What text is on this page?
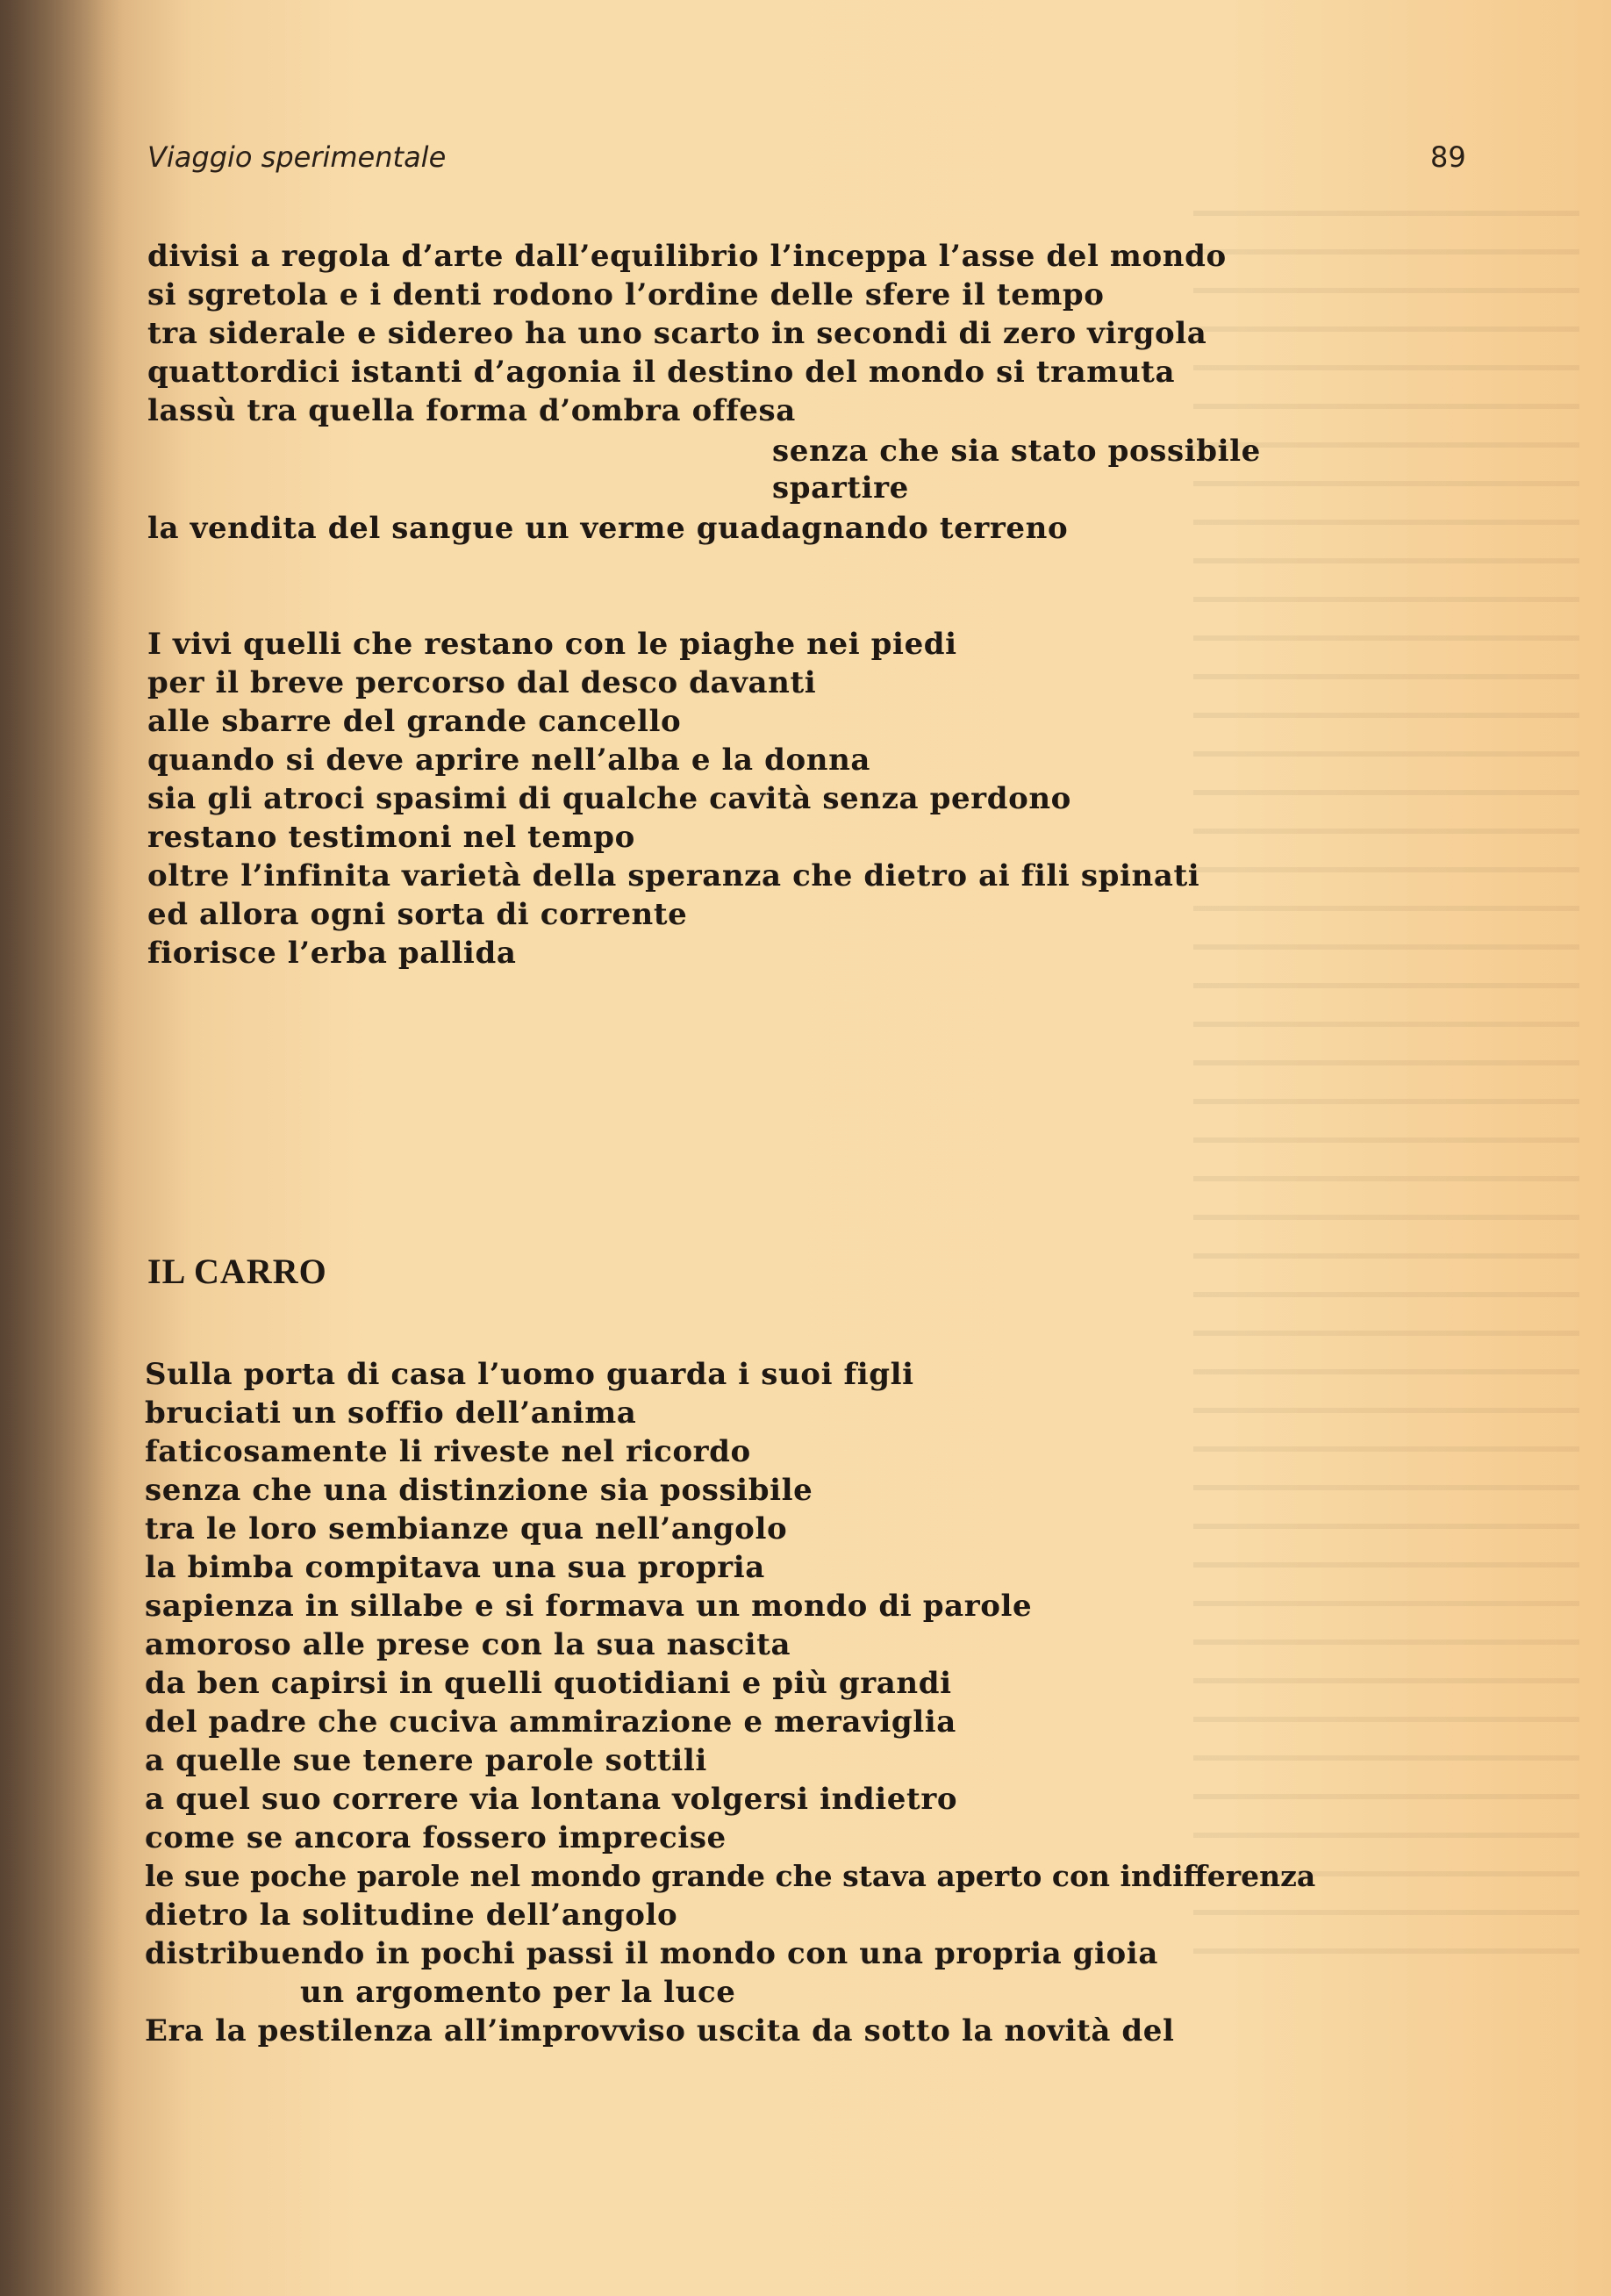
Viaggio sperimentale	89
divisi a regola d’arte dall’equilibrio l’inceppa l’asse del mondo
si sgretola e i denti rodono l’ordine delle sfere il tempo
tra siderale e sidereo ha uno scarto in secondi di zero virgola
quattordici istanti d’agonia il destino del mondo si tramuta
lassù tra quella forma d’ombra offesa
senza che sia stato possibile
spartire
la vendita del sangue un verme guadagnando terreno
I vivi quelli che restano con le piaghe nei piedi
per il breve percorso dal desco davanti
alle sbarre del grande cancello
quando si deve aprire nell’alba e la donna
sia gli atroci spasimi di qualche cavità senza perdono
restano testimoni nel tempo
oltre l’infinita varietà della speranza che dietro ai fili spinati
ed allora ogni sorta di corrente
fiorisce l’erba pallida
IL CARRO
Sulla porta di casa l’uomo guarda i suoi figli
bruciati un soffio dell’anima
faticosamente li riveste nel ricordo
senza che una distinzione sia possibile
tra le loro sembianze qua nell’angolo
la bimba compitava una sua propria
sapienza in sillabe e si formava un mondo di parole
amoroso alle prese con la sua nascita
da ben capirsi in quelli quotidiani e più grandi
del padre che cuciva ammirazione e meraviglia
a quelle sue tenere parole sottili
a quel suo correre via lontana volgersi indietro
come se ancora fossero imprecise
le sue poche parole nel mondo grande che stava aperto con indifferenza
dietro la solitudine dell’angolo
distribuendo in pochi passi il mondo con una propria gioia
un argomento per la luce
Era la pestilenza all’improvviso uscita da sotto la novità del
